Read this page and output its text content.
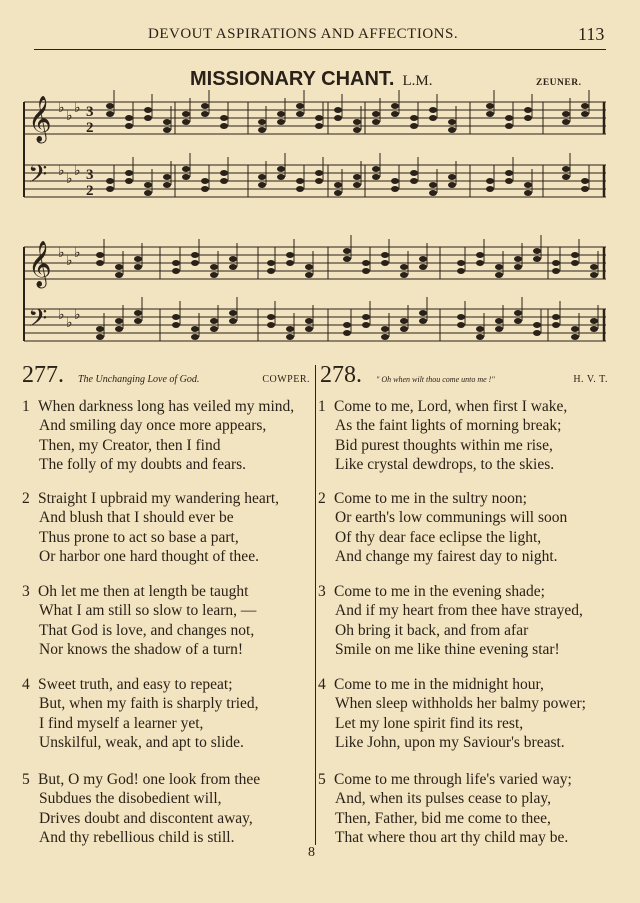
DEVOUT ASPIRATIONS AND AFFECTIONS.	113
MISSIONARY CHANT. L.M.	ZEUNER.
𝄞 ♭
♭
♭ 3
2
𝄢 ♭
♭
♭ 3
2
𝄞 ♭
♭
♭
𝄢 ♭
♭
♭
277. The Unchanging Love of God.	COWPER. 278. " Oh when wilt thou come unto me !"	H. V. T.
1 When darkness long has veiled my mind,
And smiling day once more appears,
Then, my Creator, then I find
The folly of my doubts and fears.
2 Straight I upbraid my wandering heart,
And blush that I should ever be
Thus prone to act so base a part,
Or harbor one hard thought of thee.
3 Oh let me then at length be taught
What I am still so slow to learn, —
That God is love, and changes not,
Nor knows the shadow of a turn!
4 Sweet truth, and easy to repeat;
But, when my faith is sharply tried,
I find myself a learner yet,
Unskilful, weak, and apt to slide.
5 But, O my God! one look from thee
Subdues the disobedient will,
Drives doubt and discontent away,
And thy rebellious child is still.
1 Come to me, Lord, when first I wake,
As the faint lights of morning break;
Bid purest thoughts within me rise,
Like crystal dewdrops, to the skies.
2 Come to me in the sultry noon;
Or earth's low communings will soon
Of thy dear face eclipse the light,
And change my fairest day to night.
3 Come to me in the evening shade;
And if my heart from thee have strayed,
Oh bring it back, and from afar
Smile on me like thine evening star!
4 Come to me in the midnight hour,
When sleep withholds her balmy power;
Let my lone spirit find its rest,
Like John, upon my Saviour's breast.
5 Come to me through life's varied way;
And, when its pulses cease to play,
Then, Father, bid me come to thee,
That where thou art thy child may be.
8
